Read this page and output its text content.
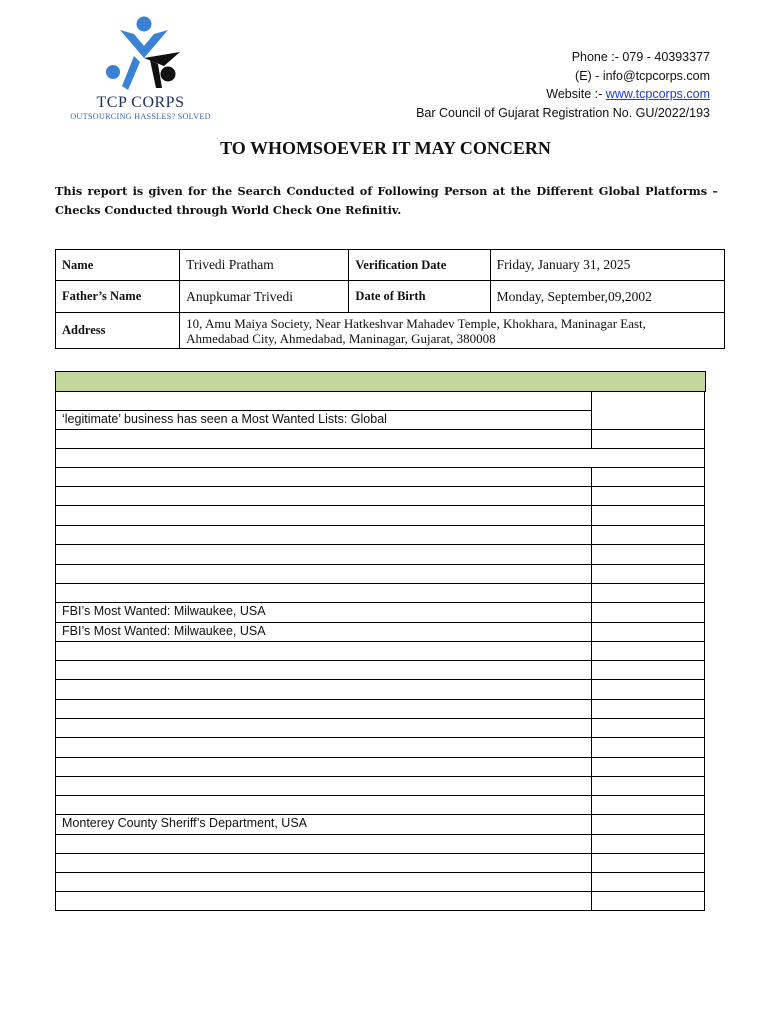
TCP CORPS
OUTSOURCING HASSLES? SOLVED
Phone :- 079 - 40393377
(E) - info@tcpcorps.com
Website :- www.tcpcorps.com
Bar Council of Gujarat Registration No. GU/2022/193
TO WHOMSOEVER IT MAY CONCERN
This report is given for the Search Conducted of Following Person at the Different Global Platforms – Checks Conducted through World Check One Refinitiv.
Name	Trivedi Pratham	Verification Date	Friday, January 31, 2025
Father’s Name	Anupkumar Trivedi	Date of Birth	Monday, September,09,2002
Address	10, Amu Maiya Society, Near Hatkeshvar Mahadev Temple, Khokhara, Maninagar East,
Ahmedabad City, Ahmedabad, Maninagar, Gujarat, 380008		
‘legitimate’ business has seen a Most Wanted Lists: Global
FBI’s Most Wanted: Milwaukee, USA
FBI’s Most Wanted: Milwaukee, USA
Monterey County Sheriff’s Department, USA
